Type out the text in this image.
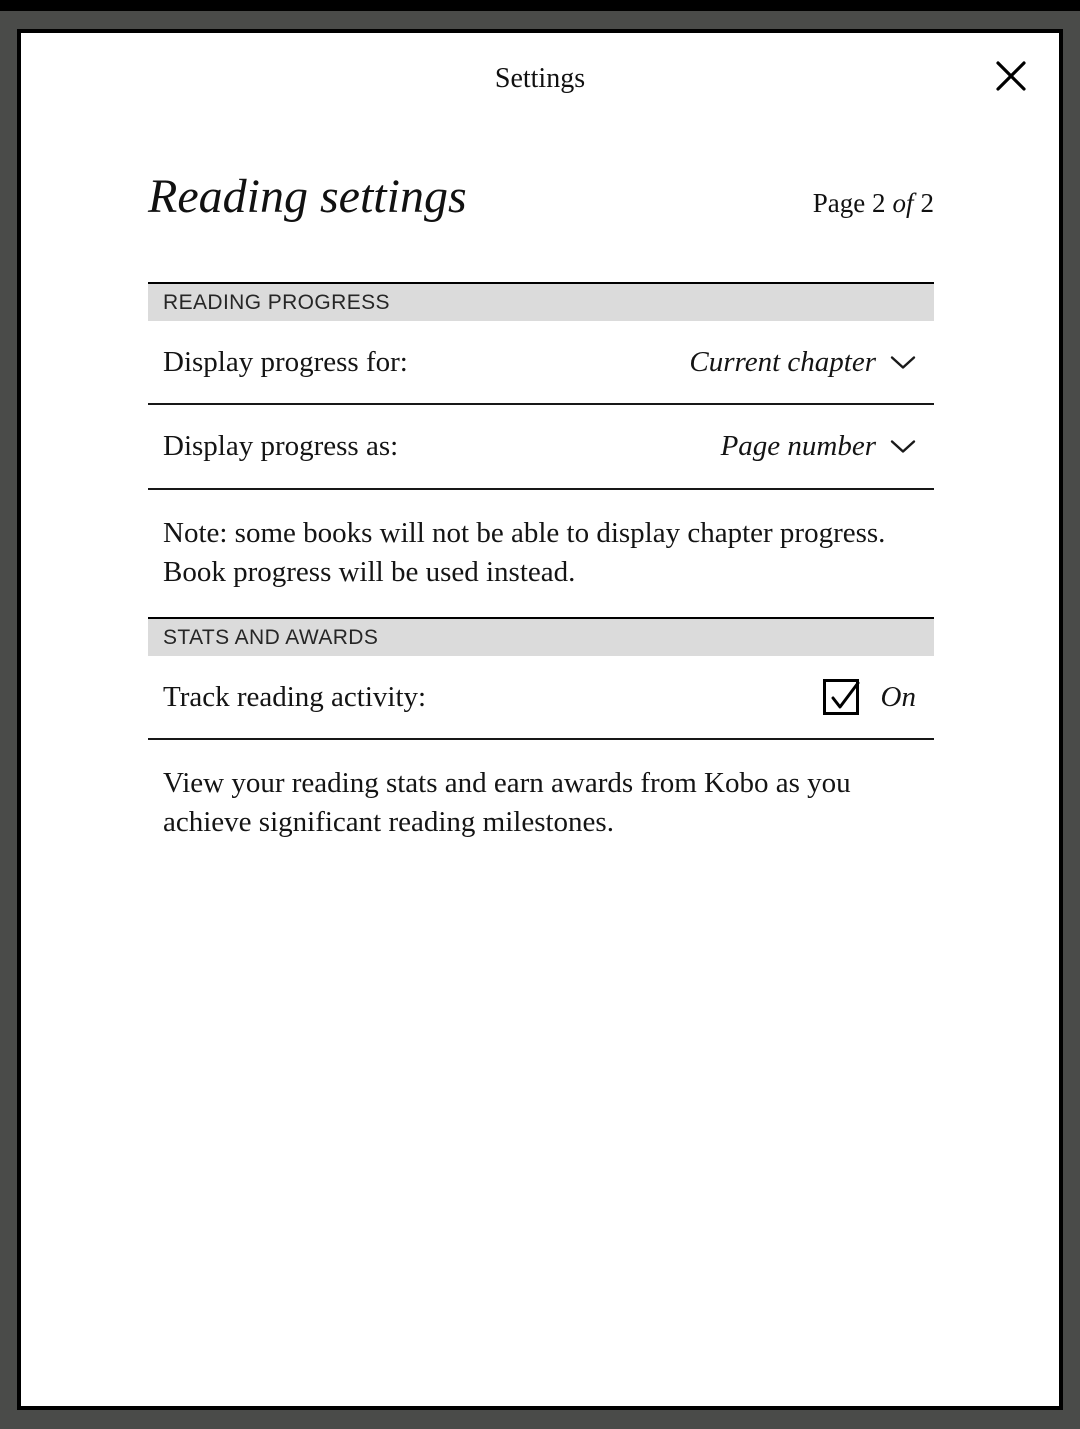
Settings
Reading settings	Page 2 of 2
READING PROGRESS
Display progress for:	Current chapter
Display progress as:	Page number

Note: some books will not be able to display chapter progress. Book progress will be used instead.

STATS AND AWARDS
Track reading activity:	On

View your reading stats and earn awards from Kobo as you achieve significant reading milestones.
